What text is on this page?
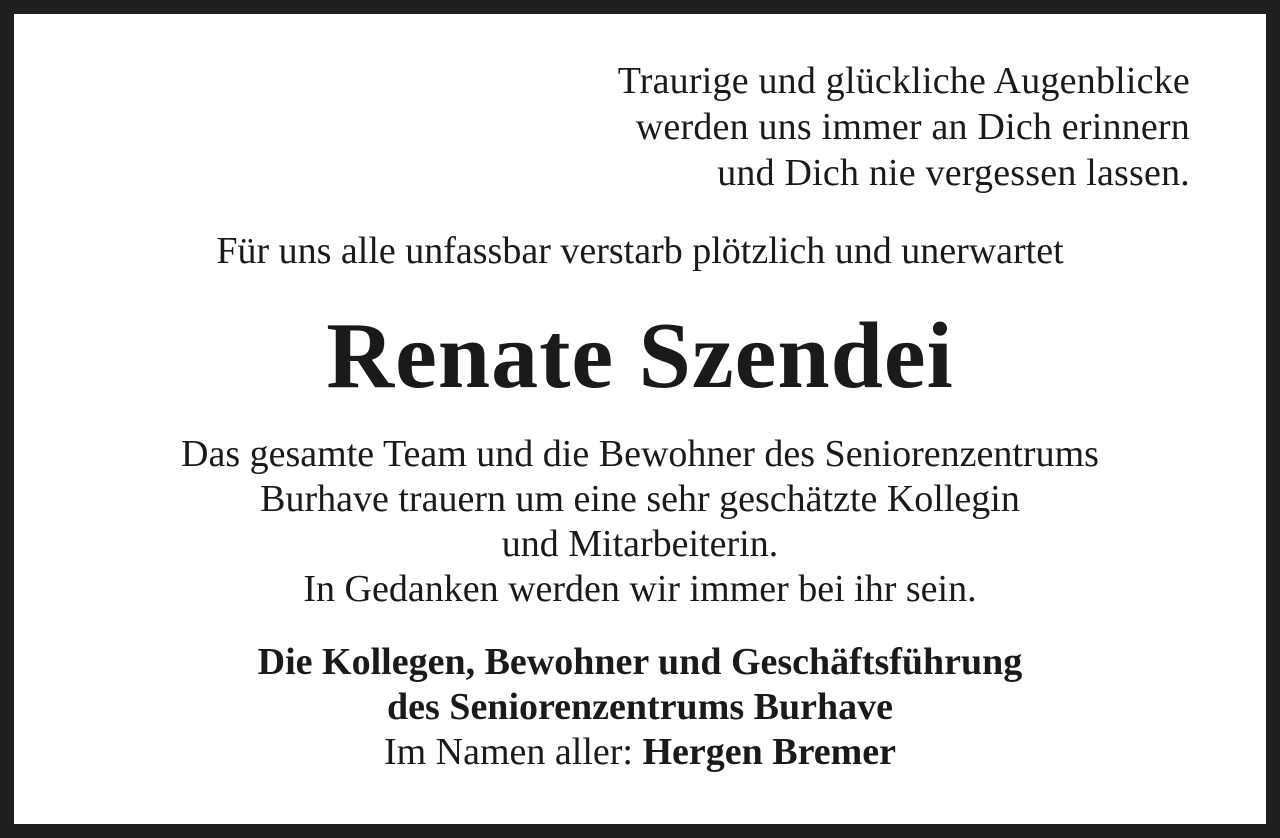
Traurige und glückliche Augenblicke
werden uns immer an Dich erinnern
und Dich nie vergessen lassen.
Für uns alle unfassbar verstarb plötzlich und unerwartet
Renate Szendei
Das gesamte Team und die Bewohner des Seniorenzentrums
Burhave trauern um eine sehr geschätzte Kollegin
und Mitarbeiterin.
In Gedanken werden wir immer bei ihr sein.
Die Kollegen, Bewohner und Geschäftsführung
des Seniorenzentrums Burhave
Im Namen aller: Hergen Bremer
